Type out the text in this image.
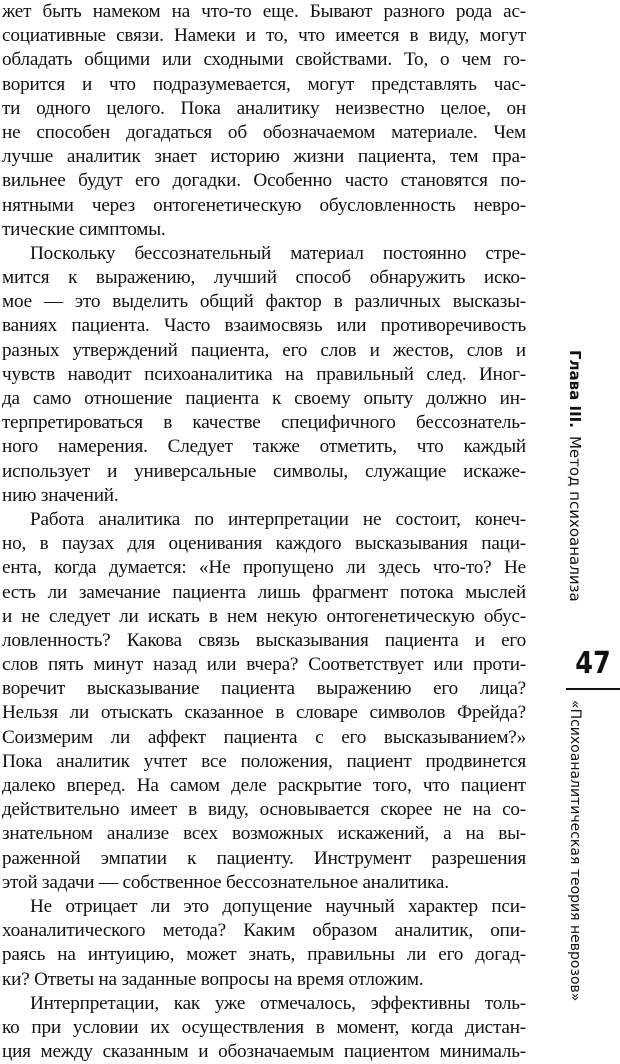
жет быть намеком на что-то еще. Бывают разного рода ас-
социативные связи. Намеки и то, что имеется в виду, могут
обладать общими или сходными свойствами. То, о чем го-
ворится и что подразумевается, могут представлять час-
ти одного целого. Пока аналитику неизвестно целое, он
не способен догадаться об обозначаемом материале. Чем
лучше аналитик знает историю жизни пациента, тем пра-
вильнее будут его догадки. Особенно часто становятся по-
нятными через онтогенетическую обусловленность невро-
тические симптомы.
Поскольку бессознательный материал постоянно стре-
мится к выражению, лучший способ обнаружить иско-
мое — это выделить общий фактор в различных высказы-
ваниях пациента. Часто взаимосвязь или противоречивость
разных утверждений пациента, его слов и жестов, слов и
чувств наводит психоаналитика на правильный след. Иног-
да само отношение пациента к своему опыту должно ин-
терпретироваться в качестве специфичного бессознатель-
ного намерения. Следует также отметить, что каждый
использует и универсальные символы, служащие искаже-
нию значений.
Работа аналитика по интерпретации не состоит, конеч-
но, в паузах для оценивания каждого высказывания паци-
ента, когда думается: «Не пропущено ли здесь что-то? Не
есть ли замечание пациента лишь фрагмент потока мыслей
и не следует ли искать в нем некую онтогенетическую обус-
ловленность? Какова связь высказывания пациента и его
слов пять минут назад или вчера? Соответствует или проти-
воречит высказывание пациента выражению его лица?
Нельзя ли отыскать сказанное в словаре символов Фрейда?
Соизмерим ли аффект пациента с его высказыванием?»
Пока аналитик учтет все положения, пациент продвинется
далеко вперед. На самом деле раскрытие того, что пациент
действительно имеет в виду, основывается скорее не на со-
знательном анализе всех возможных искажений, а на вы-
раженной эмпатии к пациенту. Инструмент разрешения
этой задачи — собственное бессознательное аналитика.
Не отрицает ли это допущение научный характер пси-
хоаналитического метода? Каким образом аналитик, опи-
раясь на интуицию, может знать, правильны ли его догад-
ки? Ответы на заданные вопросы на время отложим.
Интерпретации, как уже отмечалось, эффективны толь-
ко при условии их осуществления в момент, когда дистан-
ция между сказанным и обозначаемым пациентом минималь-
Глава III.Метод психоанализа
47
«Психоаналитическая теория неврозов»
